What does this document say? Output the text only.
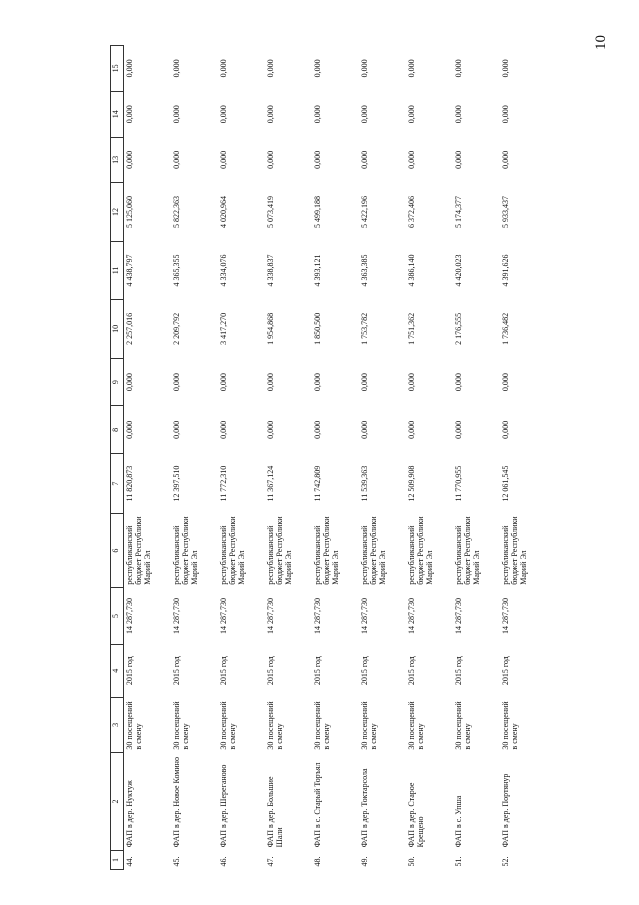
10
1	2	3	4	5	6	7	8	9	10	11	12	13	14	15
44.	ФАП в дер. Нуктуж	30 посещений в смену	2015 год	14 287,730	республиканский бюджет Республики Марий Эл	11 820,873	0,000	0,000	2 257,016	4 438,797	5 125,060	0,000	0,000	0,000
45.	ФАП в дер. Новое Комино	30 посещений в смену	2015 год	14 287,730	республиканский бюджет Республики Марий Эл	12 397,510	0,000	0,000	2 209,792	4 365,355	5 822,363	0,000	0,000	0,000
46.	ФАП в дер. Шереганово	30 посещений в смену	2015 год	14 287,730	республиканский бюджет Республики Марий Эл	11 772,310	0,000	0,000	3 417,270	4 334,076	4 020,964	0,000	0,000	0,000
47.	ФАП в дер. Большие Шали	30 посещений в смену	2015 год	14 287,730	республиканский бюджет Республики Марий Эл	11 367,124	0,000	0,000	1 954,868	4 338,837	5 073,419	0,000	0,000	0,000
48.	ФАП в с. Старый Торъял	30 посещений в смену	2015 год	14 287,730	республиканский бюджет Республики Марий Эл	11 742,809	0,000	0,000	1 850,500	4 393,121	5 499,188	0,000	0,000	0,000
49.	ФАП в дер. Токтарсола	30 посещений в смену	2015 год	14 287,730	республиканский бюджет Республики Марий Эл	11 539,363	0,000	0,000	1 753,782	4 363,385	5 422,196	0,000	0,000	0,000
50.	ФАП в дер. Старое Крещено	30 посещений в смену	2015 год	14 287,730	республиканский бюджет Республики Марий Эл	12 509,908	0,000	0,000	1 751,362	4 386,140	6 372,406	0,000	0,000	0,000
51.	ФАП в с. Упша	30 посещений в смену	2015 год	14 287,730	республиканский бюджет Республики Марий Эл	11 770,955	0,000	0,000	2 176,555	4 420,023	5 174,377	0,000	0,000	0,000
52.	ФАП в дер. Портянур	30 посещений в смену	2015 год	14 287,730	республиканский бюджет Республики Марий Эл	12 061,545	0,000	0,000	1 736,482	4 391,626	5 933,437	0,000	0,000	0,000
